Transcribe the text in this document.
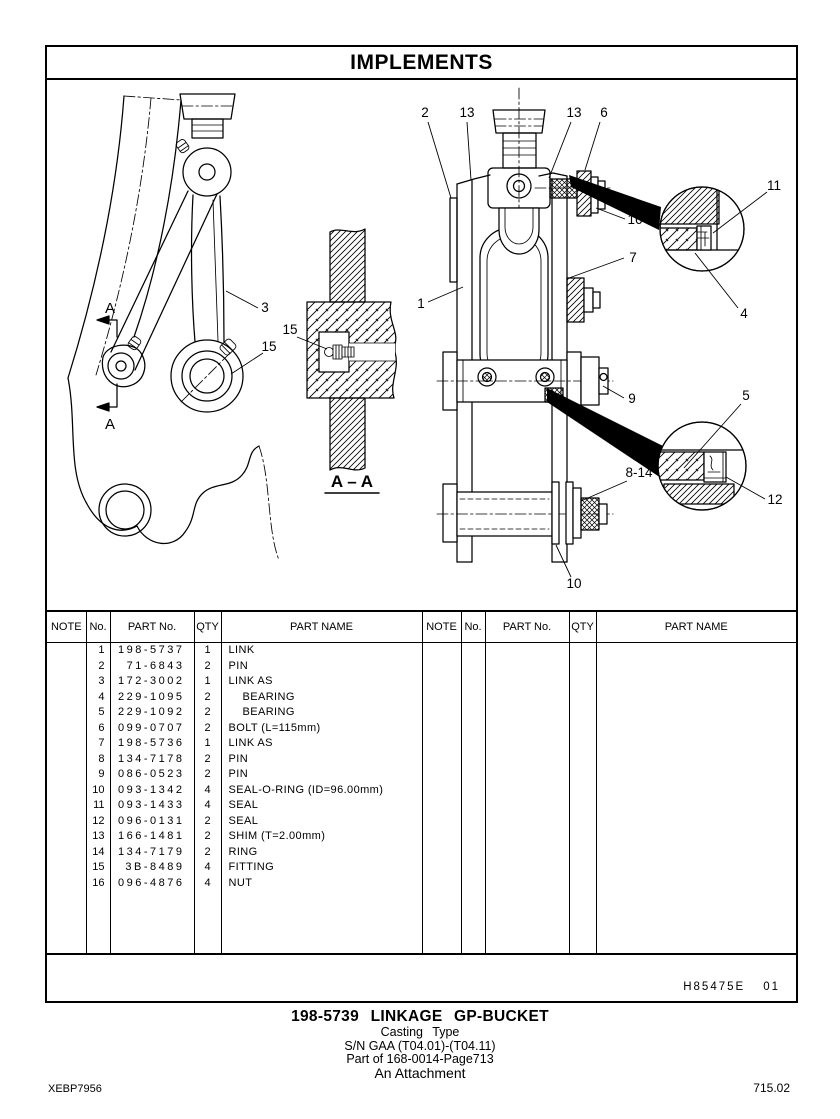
IMPLEMENTS
A
A
A – A
2 13	13 6
16
7
1
11
4
9	5
12
8-14
10
3
15
15
NOTE	No.	PART No.	QTY	PART NAME	NOTE	No.	PART No.	QTY	PART NAME
	1	198-5737	1	LINK					
	2	71-6843	2	PIN					
	3	172-3002	1	LINK AS					
	4	229-1095	2	BEARING					
	5	229-1092	2	BEARING					
	6	099-0707	2	BOLT (L=115mm)					
	7	198-5736	1	LINK AS					
	8	134-7178	2	PIN					
	9	086-0523	2	PIN					
	10	093-1342	4	SEAL-O-RING (ID=96.00mm)					
	11	093-1433	4	SEAL					
	12	096-0131	2	SEAL					
	13	166-1481	2	SHIM (T=2.00mm)					
	14	134-7179	2	RING					
	15	3B-8489	4	FITTING					
	16	096-4876	4	NUT					

H85475E 01
198-5739 LINKAGE GP-BUCKET
Casting Type
S/N GAA (T04.01)-(T04.11)
Part of 168-0014-Page713
An Attachment
XEBP7956	715.02
